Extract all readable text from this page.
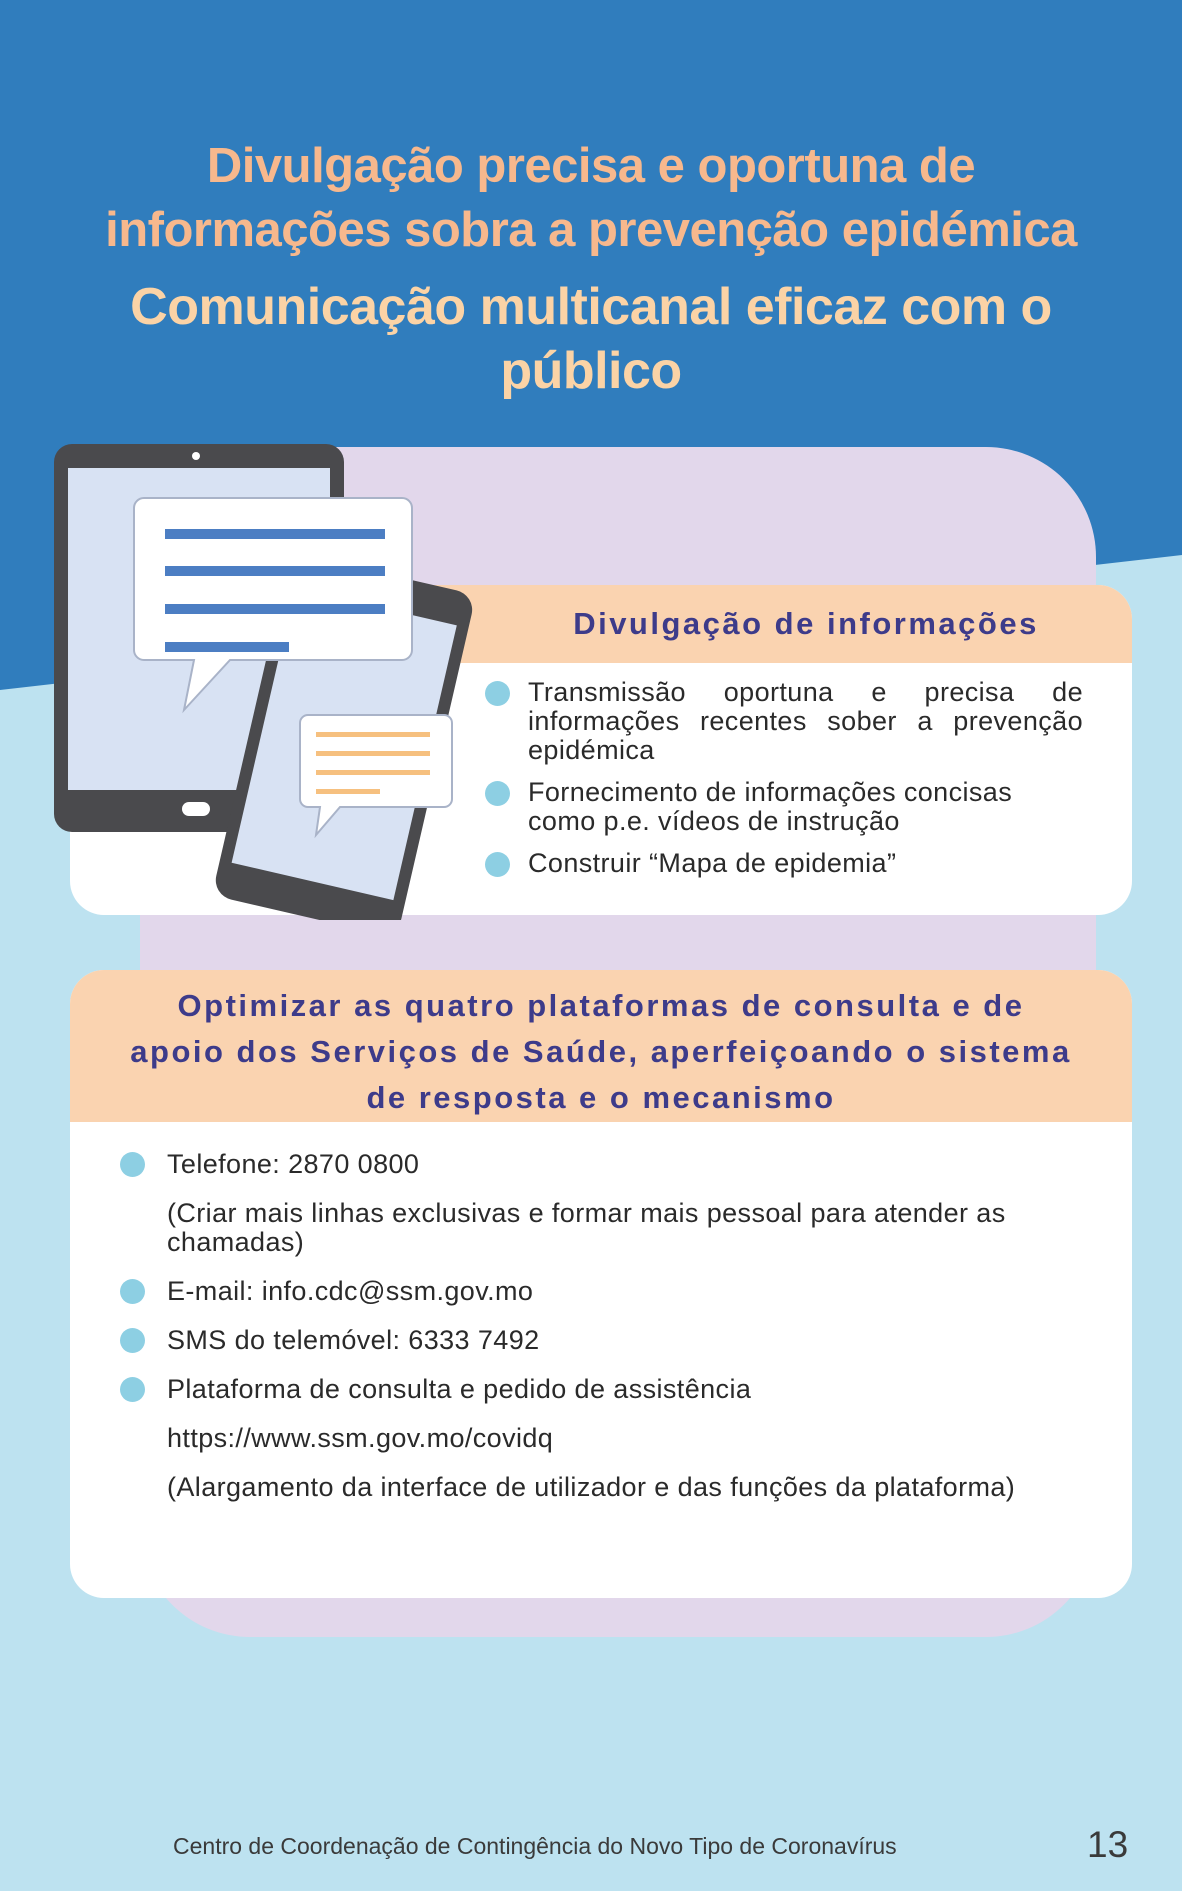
Divulgação precisa e oportuna de
informações sobra a prevenção epidémica
Comunicação multicanal eficaz com o
público
Divulgação de informações
Transmissão oportuna e precisa de informações recentes sober a prevenção epidémica
Fornecimento de informações concisas como p.e. vídeos de instrução
Construir “Mapa de epidemia”
Optimizar as quatro plataformas de consulta e de
apoio dos Serviços de Saúde, aperfeiçoando o sistema
de resposta e o mecanismo
Telefone: 2870 0800
(Criar mais linhas exclusivas e formar mais pessoal para atender as chamadas)
E-mail: info.cdc@ssm.gov.mo
SMS do telemóvel: 6333 7492
Plataforma de consulta e pedido de assistência
https://www.ssm.gov.mo/covidq
(Alargamento da interface de utilizador e das funções da plataforma)
Centro de Coordenação de Contingência do Novo Tipo de Coronavírus	13
